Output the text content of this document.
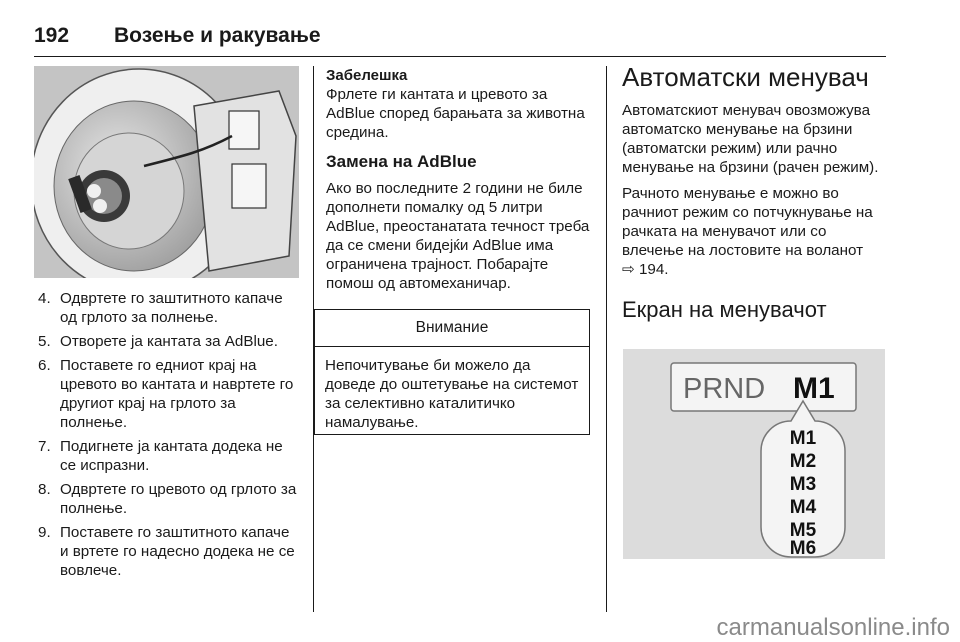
192 Возење и ракување
4. Одвртете го заштитното капаче од грлото за полнење.
5. Отворете ја кантата за AdBlue.
6. Поставете го едниот крај на цревото во кантата и навртете го другиот крај на грлото за полнење.
7. Подигнете ја кантата додека не се испразни.
8. Одвртете го цревото од грлото за полнење.
9. Поставете го заштитното капаче и вртете го надесно додека не се вовлече.
Забелешка
Фрлете ги кантата и цревото за AdBlue според барањата за животна средина.
Замена на AdBlue
Ако во последните 2 години не биле дополнети помалку од 5 литри AdBlue, преостанатата течност треба да се смени бидејќи AdBlue има ограничена трајност. Побарајте помош од автомеханичар.
Внимание
Непочитување би можело да доведе до оштетување на системот за селективно каталитичко намалување.
Автоматски менувач

Автоматскиот менувач овозможува автоматско менување на брзини (автоматски режим) или рачно менување на брзини (рачен режим).

Рачното менување е можно во рачниот режим со потчукнување на рачката на менувачот или со влечење на лостовите на воланот
⇨ 194.

Екран на менувачот
PRND M1
M1
M2
M3
M4
M5
M6
carmanualsonline.info
